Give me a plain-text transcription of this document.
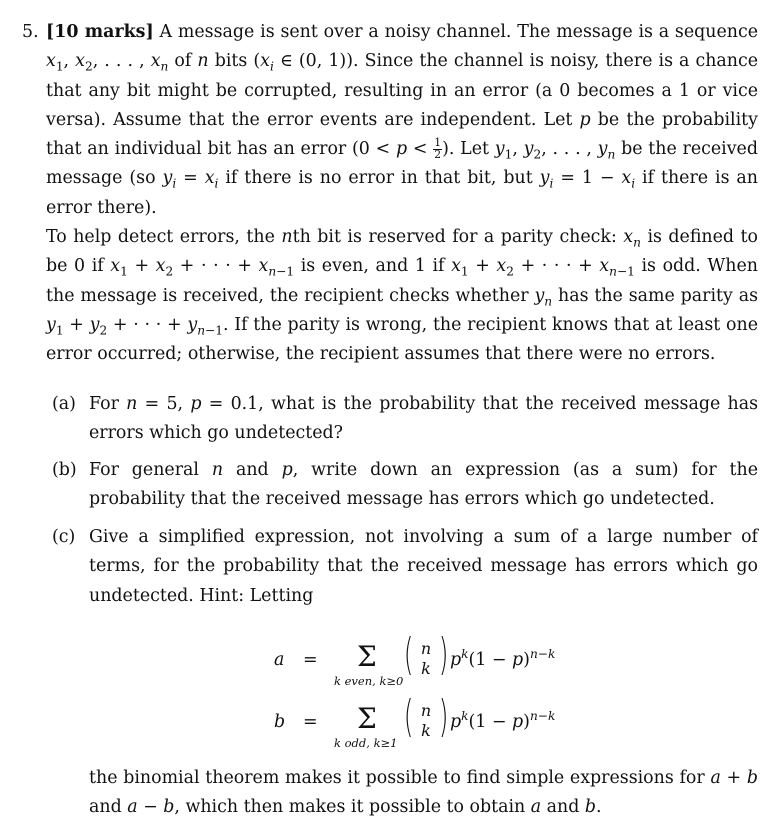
5. [10 marks] A message is sent over a noisy channel. The message is a sequence $x_1$, $x_2$, . . . , $x_n$ of n bits ($x_i$ ∈ (0, 1)). Since the channel is noisy, there is a chance that any bit might be corrupted, resulting in an error (a 0 becomes a 1 or vice versa). Assume that the error events are independent. Let p be the probability that an individual bit has an error ($0 < p < \frac{1}{2}$ ). Let $y_1$, $y_2$, . . . , $y_n$ be the received message (so $y_i = x_i$ if there is no error in that bit, but $y_i = 1 - x_i$ if there is an error there).

To help detect errors, the nth bit is reserved for a parity check: $x_n$ is defined to be 0 if $x_1 + x_2$ + · · · + $x_{n-1}$ is even, and 1 if $x_1 + x_2$ + · · · + $x_{n-1}$ is odd. When the message is received, the recipient checks whether $y_n$ has the same parity as $y_1 + y_2$ + · · · + $y_{n-1}$. If the parity is wrong, the recipient knows that at least one error occurred; otherwise, the recipient assumes that there were no errors.

(a) For n = 5, p = 0.1, what is the probability that the received message has errors which go undetected?
(b) For general n and p, write down an expression (as a sum) for the probability that the received message has errors which go undetected.
(c) Give a simplified expression, not involving a sum of a large number of terms, for the probability that the received message has errors which go undetected. Hint: Letting
a = Σ
k even, k≥0
( n
k ) $p^k(1 - p)^{n-k}$
b = Σ
k odd, k≥1
( n
k ) $p^k(1 - p)^{n-k}$
the binomial theorem makes it possible to find simple expressions for a + b and a − b, which then makes it possible to obtain a and b.
